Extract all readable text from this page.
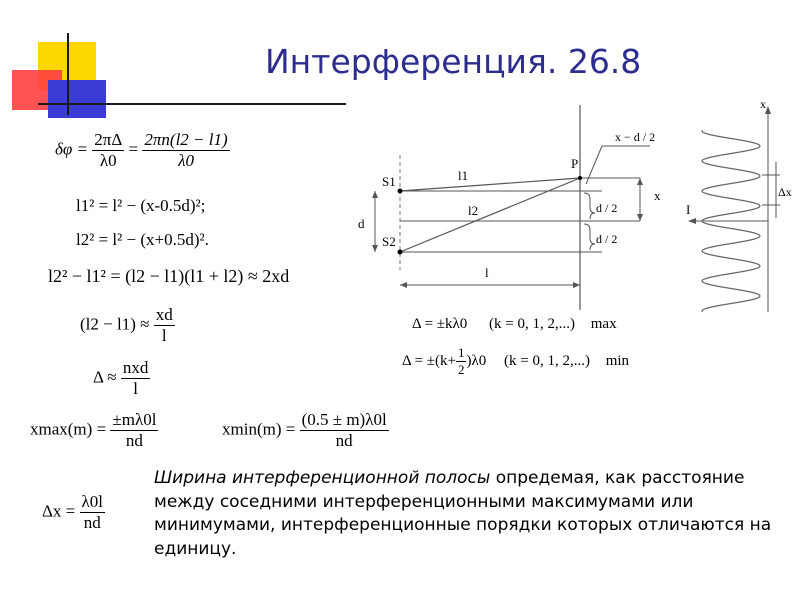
Интерференция. 26.8
$\delta\varphi = \frac{2\pi\Delta}{\lambda 0} = \frac{2\pi n(l2 - l1)}{\lambda 0}$
l1² = l² − (x-0.5d)²;
l2² = l² − (x+0.5d)².
l2² − l1² = (l2 − l1)(l1 + l2) ≈ 2xd
$(l2 - l1) \approx \frac{xd}{l}$
$\Delta \approx \frac{\text{nxd}}{l}$
$xmax(m) = \frac{\pm m\lambda 0l}{nd}$	$xmin(m) = \frac{(0.5 \pm m)\lambda 0l}{nd}$
$\Delta x = \frac{\lambda 0l}{nd}$
Δ = ±kλ0 (k = 0, 1, 2,...) max
$\Delta = \pm(k+ \frac{1}{2} )\lambda 0$ (k = 0, 1, 2,...) min
S1
S2
P
l1
l2
d
l
x
d / 2
d / 2
x − d / 2
x
I
Δx
Ширина интерференционной полосы опредемая, как расстояние между соседними интерференционными максимумами или минимумами, интерференционные порядки которых отличаются на единицу.
